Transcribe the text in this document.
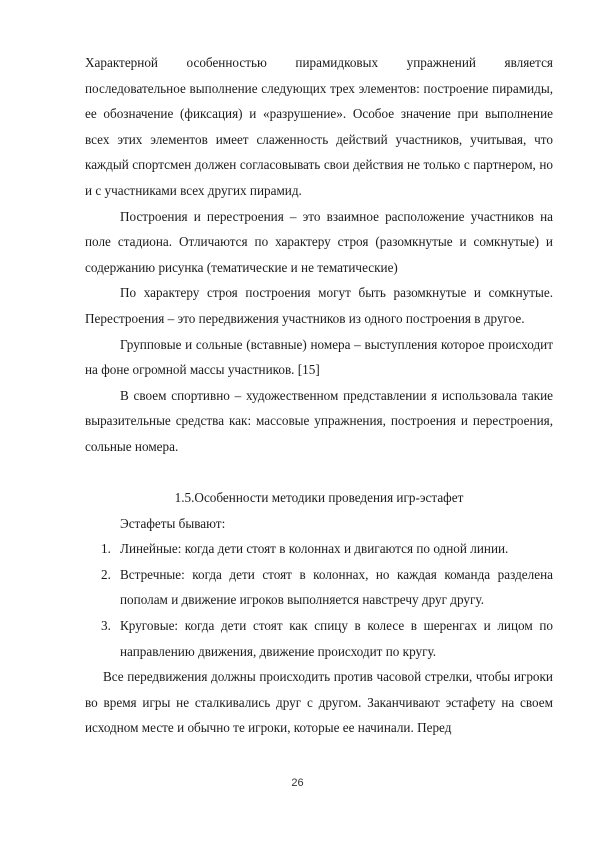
Характерной особенностью пирамидковых упражнений является последовательное выполнение следующих трех элементов: построение пирамиды, ее обозначение (фиксация) и «разрушение». Особое значение при выполнение всех этих элементов имеет слаженность действий участников, учитывая, что каждый спортсмен должен согласовывать свои действия не только с партнером, но и с участниками всех других пирамид.

Построения и перестроения – это взаимное расположение участников на поле стадиона. Отличаются по характеру строя (разомкнутые и сомкнутые) и содержанию рисунка (тематические и не тематические)

По характеру строя построения могут быть разомкнутые и сомкнутые. Перестроения – это передвижения участников из одного построения в другое.

Групповые и сольные (вставные) номера – выступления которое происходит на фоне огромной массы участников. [15]

В своем спортивно – художественном представлении я использовала такие выразительные средства как: массовые упражнения, построения и перестроения, сольные номера.

1.5.Особенности методики проведения игр-эстафет

Эстафеты бывают:

1. Линейные: когда дети стоят в колоннах и двигаются по одной линии.
2. Встречные: когда дети стоят в колоннах, но каждая команда разделена пополам и движение игроков выполняется навстречу друг другу.
3. Круговые: когда дети стоят как спицу в колесе в шеренгах и лицом по направлению движения, движение происходит по кругу.

Все передвижения должны происходить против часовой стрелки, чтобы игроки во время игры не сталкивались друг с другом. Заканчивают эстафету на своем исходном месте и обычно те игроки, которые ее начинали. Перед

26
